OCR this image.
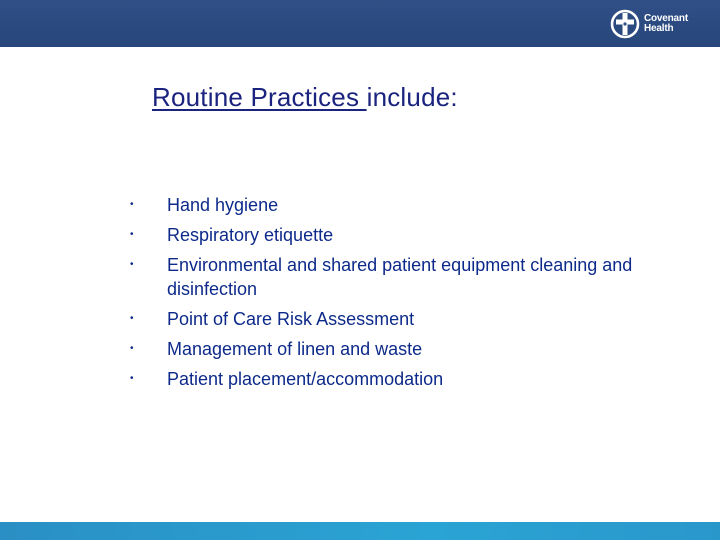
Covenant
Health
Routine Practices include:
• Hand hygiene
• Respiratory etiquette
• Environmental and shared patient equipment cleaning and disinfection
• Point of Care Risk Assessment
• Management of linen and waste
• Patient placement/accommodation
